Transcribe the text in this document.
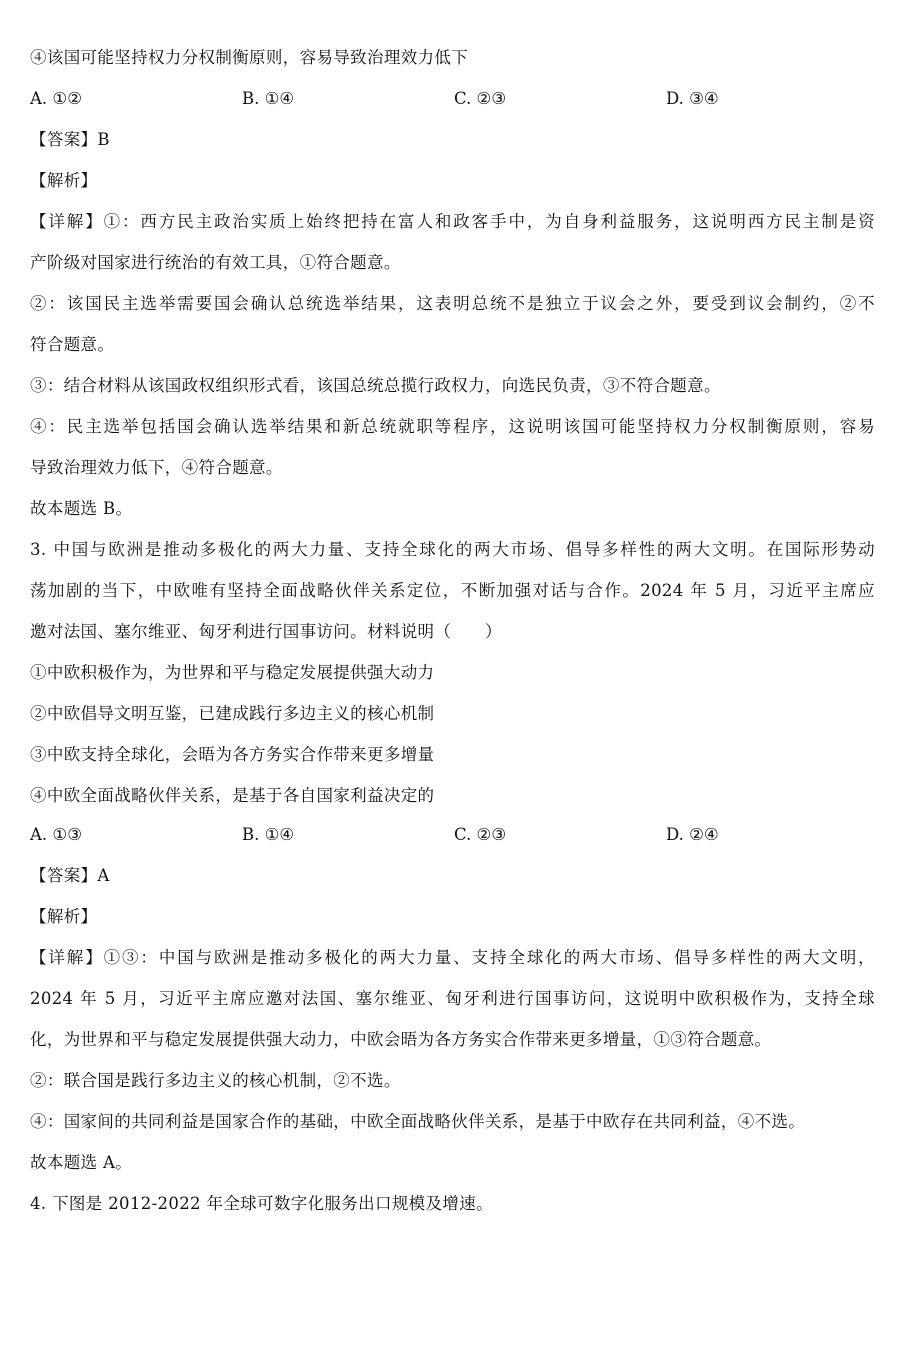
④该国可能坚持权力分权制衡原则，容易导致治理效力低下
A. ①②	B. ①④	C. ②③	D. ③④
【答案】B
【解析】
【详解】①：西方民主政治实质上始终把持在富人和政客手中，为自身利益服务，这说明西方民主制是资
产阶级对国家进行统治的有效工具，①符合题意。
②：该国民主选举需要国会确认总统选举结果，这表明总统不是独立于议会之外，要受到议会制约，②不
符合题意。
③：结合材料从该国政权组织形式看，该国总统总揽行政权力，向选民负责，③不符合题意。
④：民主选举包括国会确认选举结果和新总统就职等程序，这说明该国可能坚持权力分权制衡原则，容易
导致治理效力低下，④符合题意。
故本题选 B。
3. 中国与欧洲是推动多极化的两大力量、支持全球化的两大市场、倡导多样性的两大文明。在国际形势动
荡加剧的当下，中欧唯有坚持全面战略伙伴关系定位，不断加强对话与合作。2024 年 5 月，习近平主席应
邀对法国、塞尔维亚、匈牙利进行国事访问。材料说明（　　）
①中欧积极作为，为世界和平与稳定发展提供强大动力
②中欧倡导文明互鉴，已建成践行多边主义的核心机制
③中欧支持全球化，会晤为各方务实合作带来更多增量
④中欧全面战略伙伴关系，是基于各自国家利益决定的
A. ①③	B. ①④	C. ②③	D. ②④
【答案】A
【解析】
【详解】①③：中国与欧洲是推动多极化的两大力量、支持全球化的两大市场、倡导多样性的两大文明，
2024 年 5 月，习近平主席应邀对法国、塞尔维亚、匈牙利进行国事访问，这说明中欧积极作为，支持全球
化，为世界和平与稳定发展提供强大动力，中欧会晤为各方务实合作带来更多增量，①③符合题意。
②：联合国是践行多边主义的核心机制，②不选。
④：国家间的共同利益是国家合作的基础，中欧全面战略伙伴关系，是基于中欧存在共同利益，④不选。
故本题选 A。
4. 下图是 2012-2022 年全球可数字化服务出口规模及增速。
